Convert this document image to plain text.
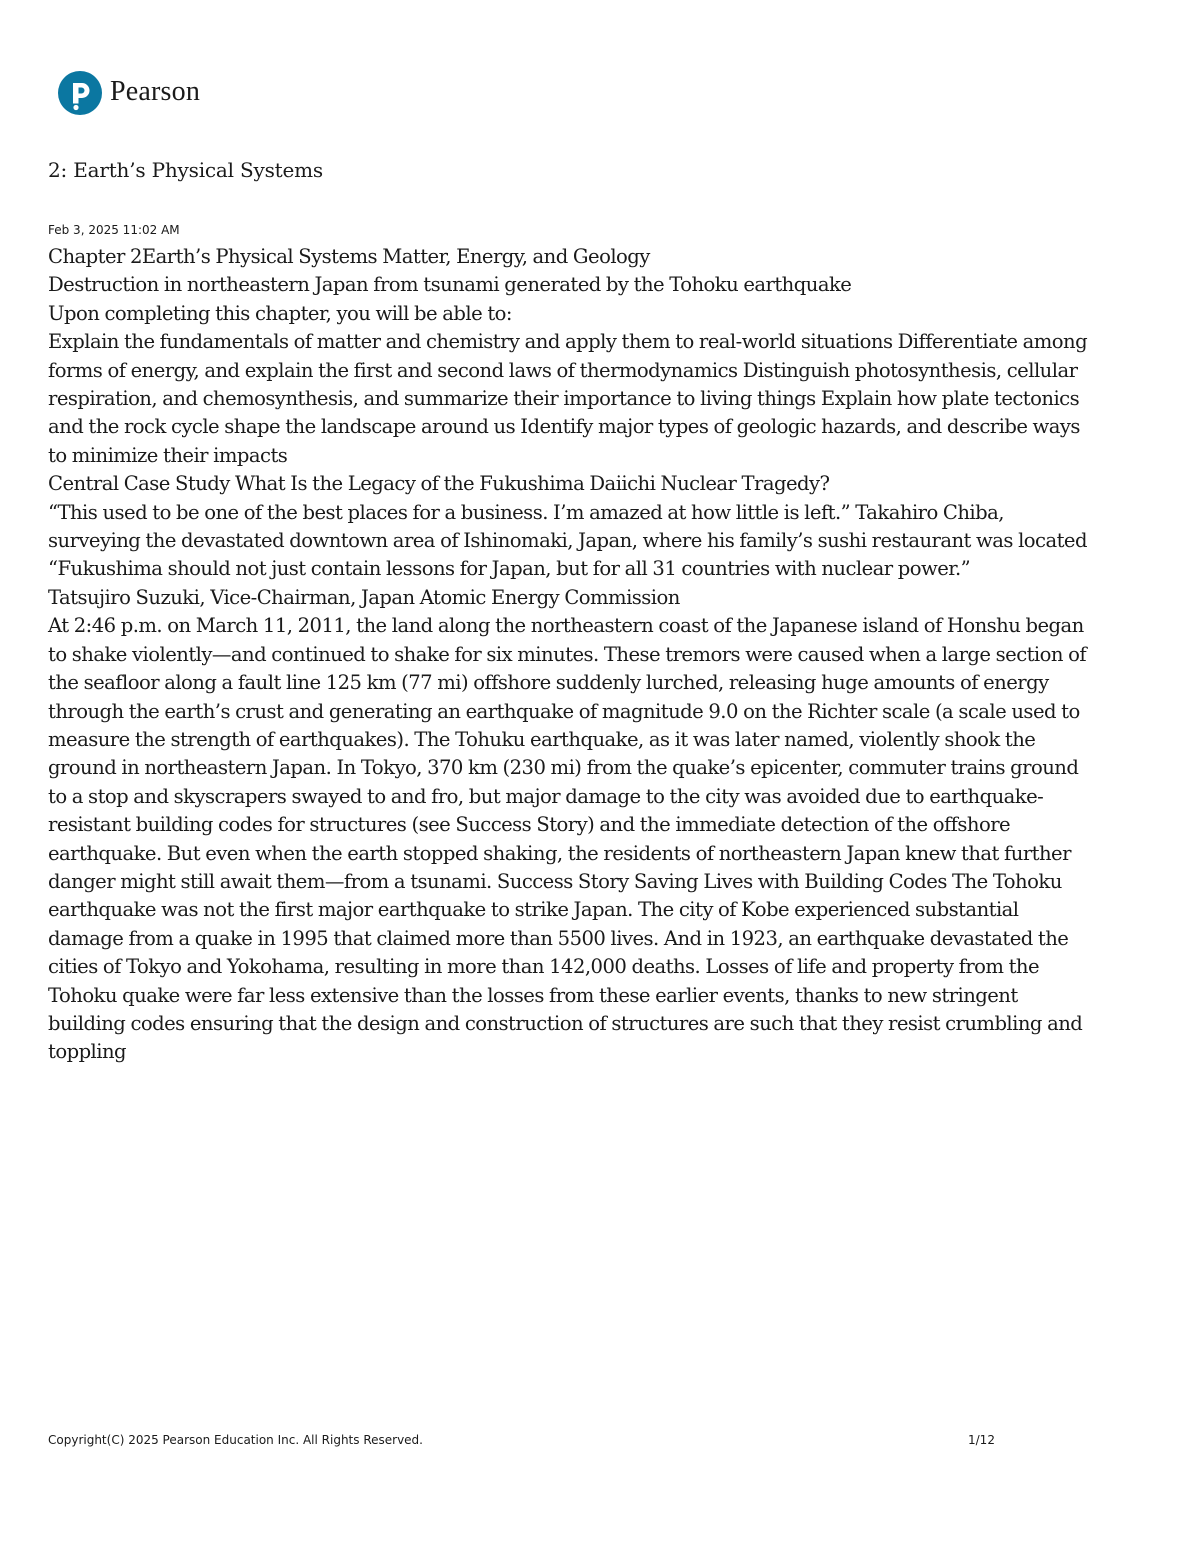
Pearson
2: Earth’s Physical Systems
Feb 3, 2025 11:02 AM

Chapter 2Earth’s Physical Systems Matter, Energy, and Geology

Destruction in northeastern Japan from tsunami generated by the Tohoku earthquake

Upon completing this chapter, you will be able to:

Explain the fundamentals of matter and chemistry and apply them to real-world situations Differentiate among forms of energy, and explain the first and second laws of thermodynamics Distinguish photosynthesis, cellular respiration, and chemosynthesis, and summarize their importance to living things Explain how plate tectonics and the rock cycle shape the landscape around us Identify major types of geologic hazards, and describe ways to minimize their impacts

Central Case Study What Is the Legacy of the Fukushima Daiichi Nuclear Tragedy?

“This used to be one of the best places for a business. I’m amazed at how little is left.” Takahiro Chiba, surveying the devastated downtown area of Ishinomaki, Japan, where his family’s sushi restaurant was located

“Fukushima should not just contain lessons for Japan, but for all 31 countries with nuclear power.”

Tatsujiro Suzuki, Vice-Chairman, Japan Atomic Energy Commission

At 2:46 p.m. on March 11, 2011, the land along the northeastern coast of the Japanese island of Honshu began to shake violently—and continued to shake for six minutes. These tremors were caused when a large section of the seafloor along a fault line 125 km (77 mi) offshore suddenly lurched, releasing huge amounts of energy through the earth’s crust and generating an earthquake of magnitude 9.0 on the Richter scale (a scale used to measure the strength of earthquakes). The Tohuku earthquake, as it was later named, violently shook the ground in northeastern Japan. In Tokyo, 370 km (230 mi) from the quake’s epicenter, commuter trains ground to a stop and skyscrapers swayed to and fro, but major damage to the city was avoided due to earthquake-resistant building codes for structures (see Success Story) and the immediate detection of the offshore earthquake. But even when the earth stopped shaking, the residents of northeastern Japan knew that further danger might still await them—from a tsunami. Success Story Saving Lives with Building Codes The Tohoku earthquake was not the first major earthquake to strike Japan. The city of Kobe experienced substantial damage from a quake in 1995 that claimed more than 5500 lives. And in 1923, an earthquake devastated the cities of Tokyo and Yokohama, resulting in more than 142,000 deaths. Losses of life and property from the Tohoku quake were far less extensive than the losses from these earlier events, thanks to new stringent building codes ensuring that the design and construction of structures are such that they resist crumbling and toppling

Copyright(C) 2025 Pearson Education Inc. All Rights Reserved.	1/12
